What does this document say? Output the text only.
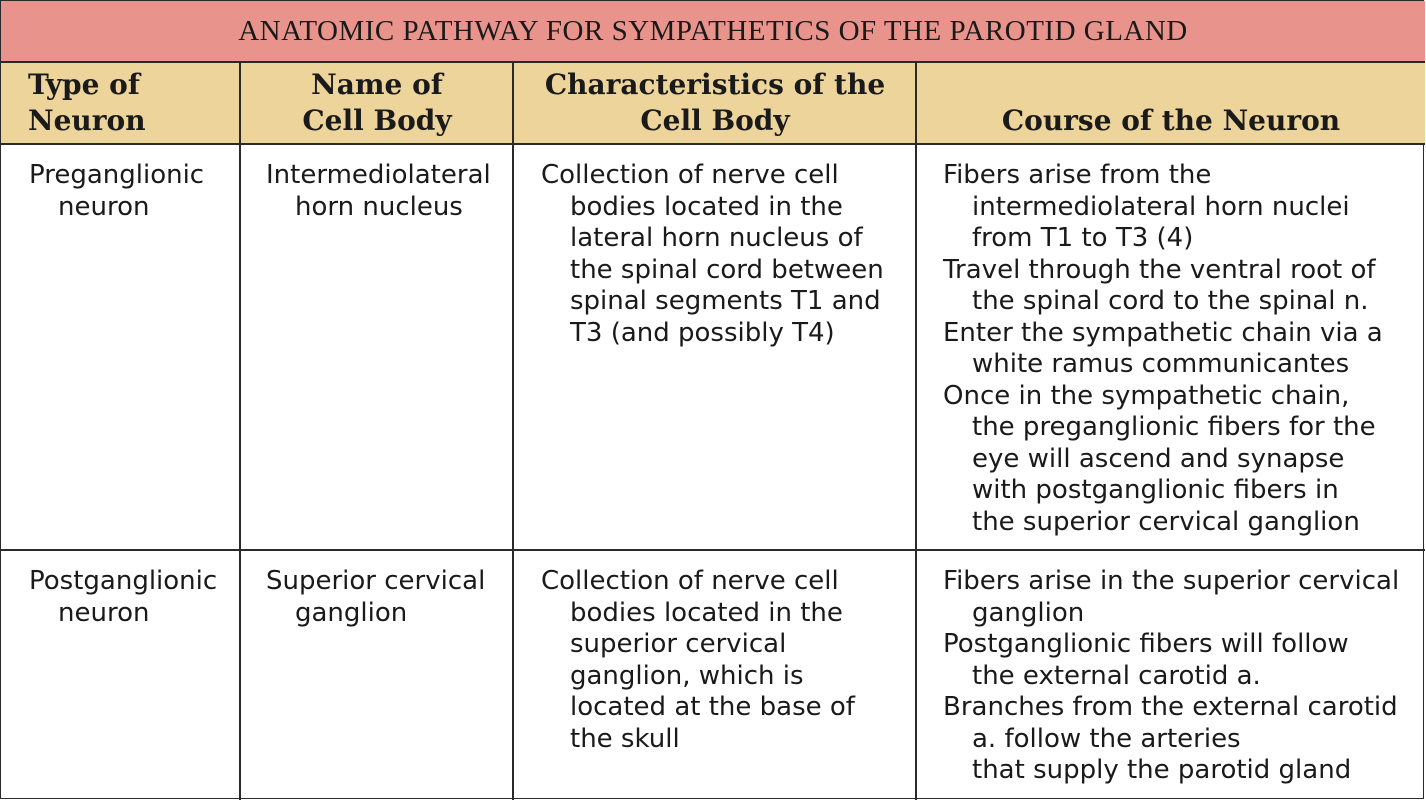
ANATOMIC PATHWAY FOR SYMPATHETICS OF THE PAROTID GLAND
Type of
Neuron
Name of
Cell Body
Characteristics of the
Cell Body	Course of the Neuron
Preganglionic
neuron
Intermediolateral
horn nucleus
Collection of nerve cell
bodies located in the
lateral horn nucleus of
the spinal cord between
spinal segments T1 and
T3 (and possibly T4)
Fibers arise from the
intermediolateral horn nuclei
from T1 to T3 (4)
Travel through the ventral root of
the spinal cord to the spinal n.
Enter the sympathetic chain via a
white ramus communicantes
Once in the sympathetic chain,
the preganglionic fibers for the
eye will ascend and synapse
with postganglionic fibers in
the superior cervical ganglion
Postganglionic
neuron
Superior cervical
ganglion
Collection of nerve cell
bodies located in the
superior cervical
ganglion, which is
located at the base of
the skull
Fibers arise in the superior cervical
ganglion
Postganglionic fibers will follow
the external carotid a.
Branches from the external carotid
a. follow the arteries
that supply the parotid gland
